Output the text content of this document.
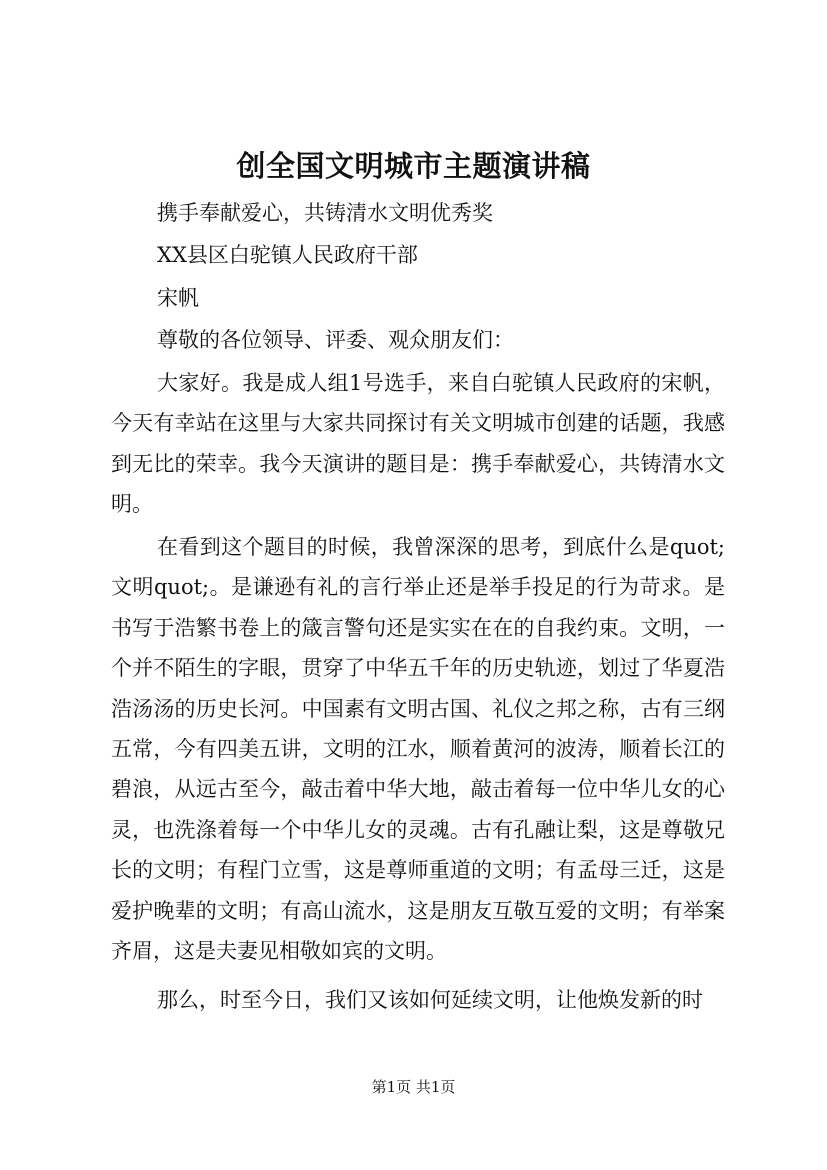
创全国文明城市主题演讲稿
携手奉献爱心，共铸清水文明优秀奖
XX县区白驼镇人民政府干部
宋帆
尊敬的各位领导、评委、观众朋友们：

大家好。我是成人组1号选手，来自白驼镇人民政府的宋帆，今天有幸站在这里与大家共同探讨有关文明城市创建的话题，我感到无比的荣幸。我今天演讲的题目是：携手奉献爱心，共铸清水文明。

在看到这个题目的时候，我曾深深的思考，到底什么是quot;文明quot;。是谦逊有礼的言行举止还是举手投足的行为苛求。是书写于浩繁书卷上的箴言警句还是实实在在的自我约束。文明，一个并不陌生的字眼，贯穿了中华五千年的历史轨迹，划过了华夏浩浩汤汤的历史长河。中国素有文明古国、礼仪之邦之称，古有三纲五常，今有四美五讲，文明的江水，顺着黄河的波涛，顺着长江的碧浪，从远古至今，敲击着中华大地，敲击着每一位中华儿女的心灵，也洗涤着每一个中华儿女的灵魂。古有孔融让梨，这是尊敬兄长的文明；有程门立雪，这是尊师重道的文明；有孟母三迁，这是爱护晚辈的文明；有高山流水，这是朋友互敬互爱的文明；有举案齐眉，这是夫妻见相敬如宾的文明。

那么，时至今日，我们又该如何延续文明，让他焕发新的时

第1页 共1页
